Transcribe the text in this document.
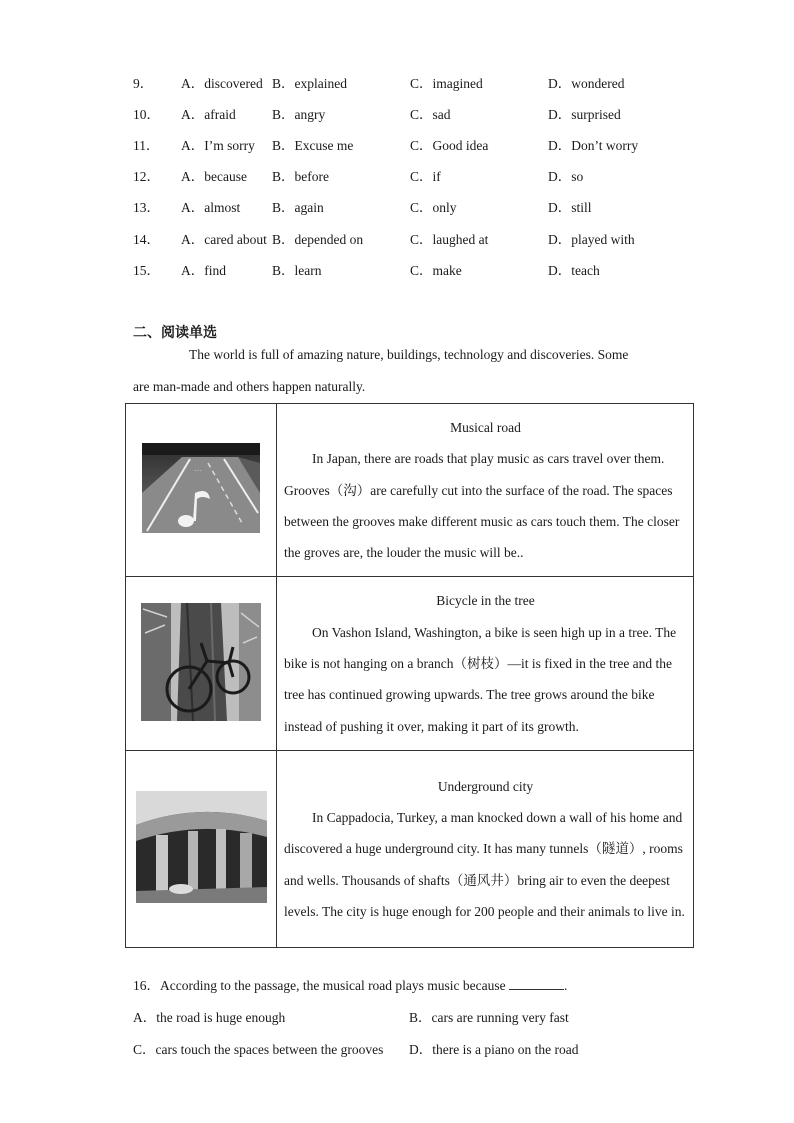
9．	A．discovered B．explained	C．imagined	D．wondered
10．	A．afraid	B．angry	C．sad	D．surprised
11．	A．I’m sorry	B．Excuse me	C．Good idea	D．Don’t worry
12．	A．because	B．before	C．if	D．so
13．	A．almost	B．again	C．only	D．still
14．	A．cared about B．depended on	C．laughed at	D．played with
15．	A．find	B．learn	C．make	D．teach
二、阅读单选
The world is full of amazing nature, buildings, technology and discoveries. Some
are man-made and others happen naturally.
⋯	Musical road
In Japan, there are roads that play music as cars travel over them. Grooves（沟）are carefully cut into the surface of the road. The spaces between the grooves make different music as cars touch them. The closer the groves are, the louder the music will be..

Bicycle in the tree
On Vashon Island, Washington, a bike is seen high up in a tree. The bike is not hanging on a branch（树枝）—it is fixed in the tree and the tree has continued growing upwards. The tree grows around the bike instead of pushing it over, making it part of its growth.

Underground city
In Cappadocia, Turkey, a man knocked down a wall of his home and discovered a huge underground city. It has many tunnels（隧道）, rooms and wells. Thousands of shafts（通风井）bring air to even the deepest levels. The city is huge enough for 200 people and their animals to live in.
16．According to the passage, the musical road plays music because	.
A．the road is huge enough	B．cars are running very fast
C．cars touch the spaces between the grooves D．there is a piano on the road
